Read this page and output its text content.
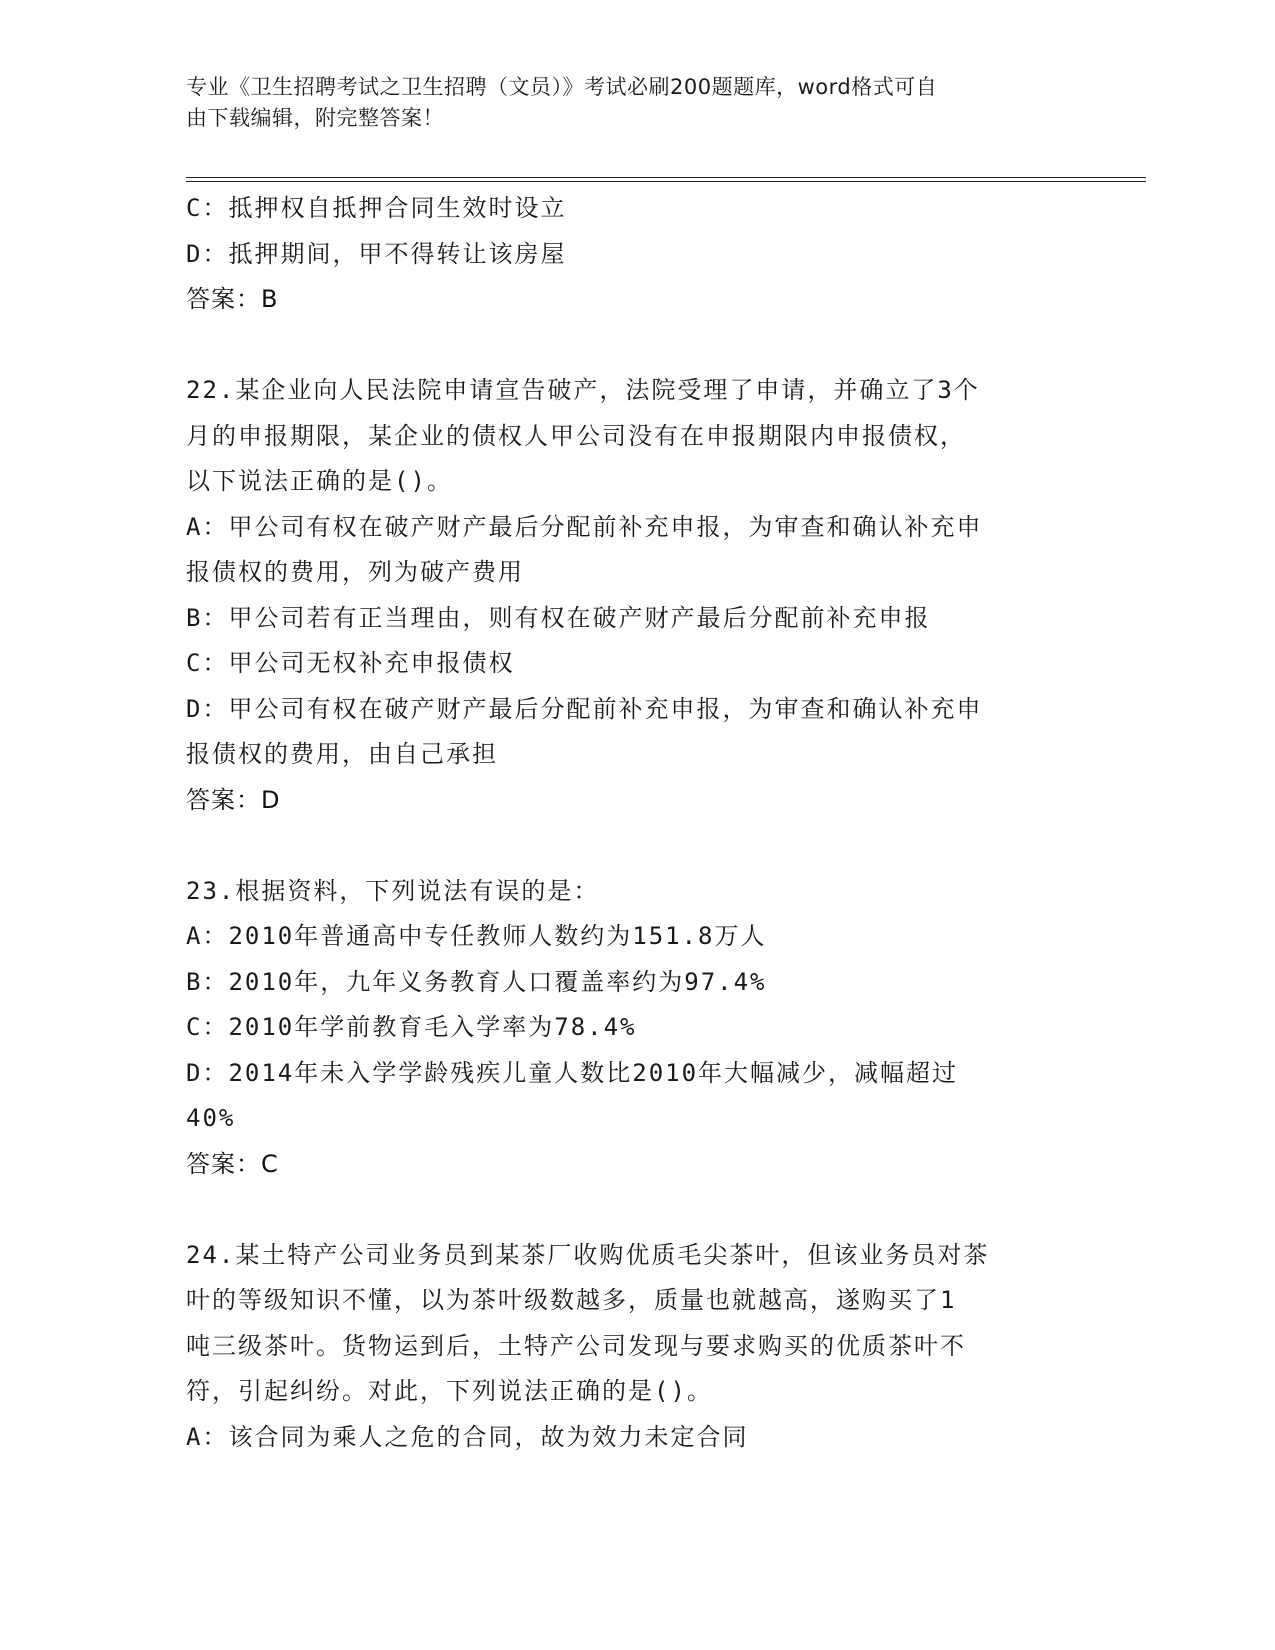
专业《卫生招聘考试之卫生招聘（文员）》考试必刷200题题库，word格式可自
由下载编辑，附完整答案！
C：抵押权自抵押合同生效时设立
D：抵押期间，甲不得转让该房屋
答案：B
22.某企业向人民法院申请宣告破产，法院受理了申请，并确立了3个
月的申报期限，某企业的债权人甲公司没有在申报期限内申报债权，
以下说法正确的是()。
A：甲公司有权在破产财产最后分配前补充申报，为审查和确认补充申
报债权的费用，列为破产费用
B：甲公司若有正当理由，则有权在破产财产最后分配前补充申报
C：甲公司无权补充申报债权
D：甲公司有权在破产财产最后分配前补充申报，为审查和确认补充申
报债权的费用，由自己承担
答案：D
23.根据资料，下列说法有误的是：
A：2010年普通高中专任教师人数约为151.8万人
B：2010年，九年义务教育人口覆盖率约为97.4%
C：2010年学前教育毛入学率为78.4%
D：2014年未入学学龄残疾儿童人数比2010年大幅减少，减幅超过
40%
答案：C
24.某土特产公司业务员到某茶厂收购优质毛尖茶叶，但该业务员对茶
叶的等级知识不懂，以为茶叶级数越多，质量也就越高，遂购买了1
吨三级茶叶。货物运到后，土特产公司发现与要求购买的优质茶叶不
符，引起纠纷。对此，下列说法正确的是()。
A：该合同为乘人之危的合同，故为效力未定合同
